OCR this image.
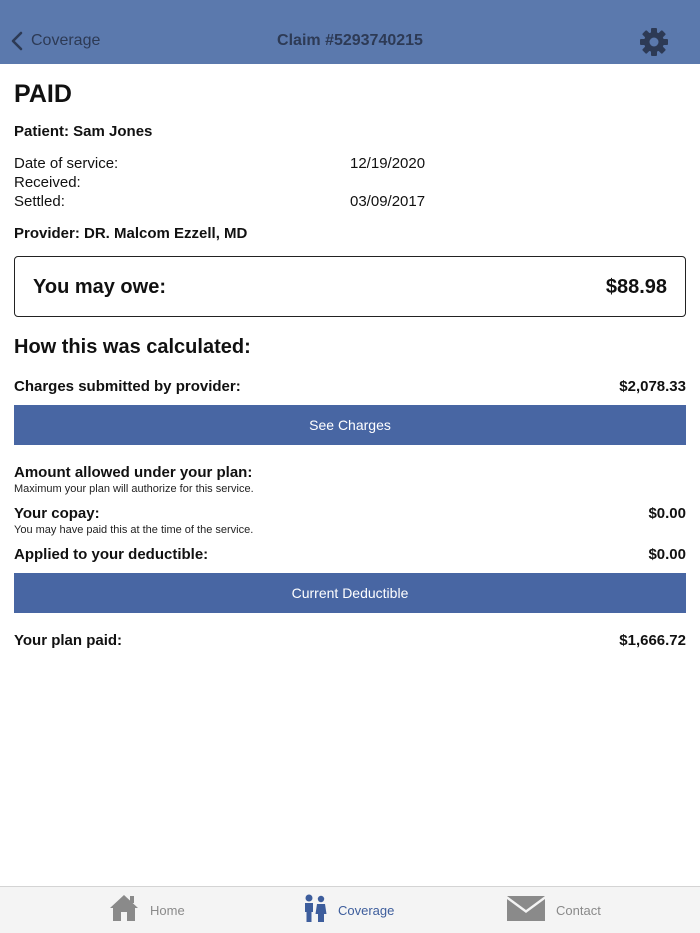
Coverage	Claim #5293740215
PAID
Patient: Sam Jones
Date of service:	12/19/2020
Received:
Settled:	03/09/2017
Provider: DR. Malcom Ezzell, MD
You may owe:	$88.98
How this was calculated:
Charges submitted by provider:	$2,078.33
See Charges
Amount allowed under your plan:
Maximum your plan will authorize for this service.
Your copay:	$0.00
You may have paid this at the time of the service.
Applied to your deductible:	$0.00
Current Deductible
Your plan paid:	$1,666.72
Home	Coverage	Contact
